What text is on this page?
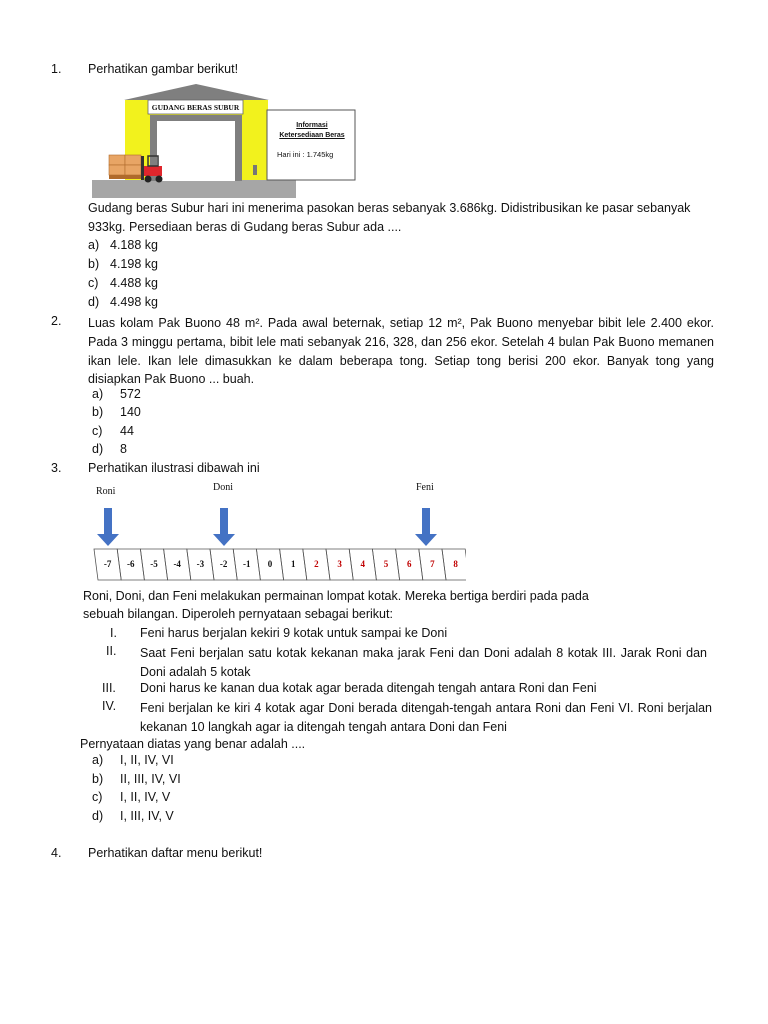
1. Perhatikan gambar berikut!
GUDANG BERAS SUBUR
Informasi
Ketersediaan Beras
Hari ini : 1.745kg
Gudang beras Subur hari ini menerima pasokan beras sebanyak 3.686kg. Didistribusikan ke pasar sebanyak
933kg. Persediaan beras di Gudang beras Subur ada ....
a) 4.188 kg
b) 4.198 kg
c) 4.488 kg
d) 4.498 kg
2. Luas kolam Pak Buono 48 m². Pada awal beternak, setiap 12 m², Pak Buono menyebar bibit lele 2.400 ekor. Pada 3 minggu pertama, bibit lele mati sebanyak 216, 328, dan 256 ekor. Setelah 4 bulan Pak Buono memanen ikan lele. Ikan lele dimasukkan ke dalam beberapa tong. Setiap tong berisi 200 ekor. Banyak tong yang disiapkan Pak Buono ... buah.
a) 572
b) 140
c) 44
d) 8
3. Perhatikan ilustrasi dibawah ini
Roni	Doni	Feni
-7	-6	-5	-4	-3	-2	-1	0	1	2	3	4	5	6	7	8
Roni, Doni, dan Feni melakukan permainan lompat kotak. Mereka bertiga berdiri pada pada
sebuah bilangan. Diperoleh pernyataan sebagai berikut:
I. Feni harus berjalan kekiri 9 kotak untuk sampai ke Doni
II. Saat Feni berjalan satu kotak kekanan maka jarak Feni dan Doni adalah 8 kotak III. Jarak Roni dan Doni adalah 5 kotak
III. Doni harus ke kanan dua kotak agar berada ditengah tengah antara Roni dan Feni
IV. Feni berjalan ke kiri 4 kotak agar Doni berada ditengah-tengah antara Roni dan Feni VI. Roni berjalan kekanan 10 langkah agar ia ditengah tengah antara Doni dan Feni
Pernyataan diatas yang benar adalah ....
a) I, II, IV, VI
b) II, III, IV, VI
c) I, II, IV, V
d) I, III, IV, V
4. Perhatikan daftar menu berikut!
